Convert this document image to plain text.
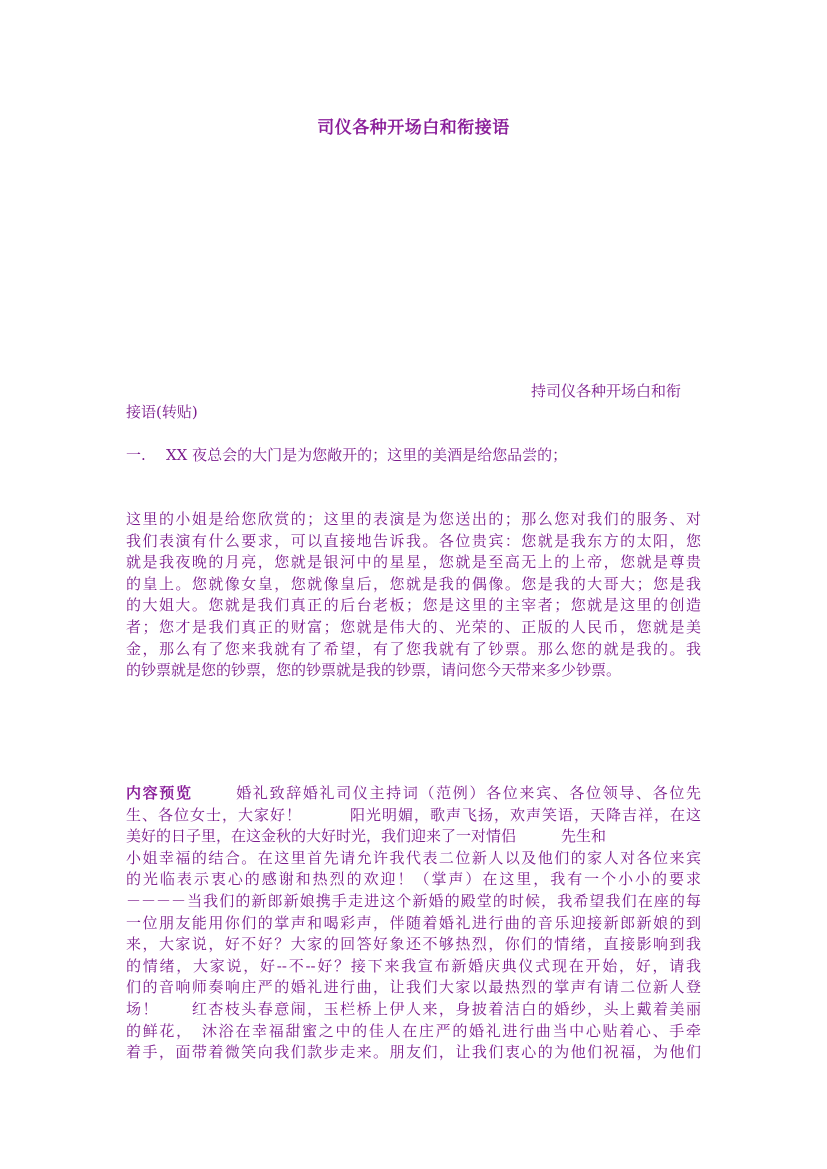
司仪各种开场白和衔接语
持司仪各种开场白和衔
接语(转贴)
一. XX 夜总会的大门是为您敞开的；这里的美酒是给您品尝的；
这里的小姐是给您欣赏的；这里的表演是为您送出的；那么您对我们的服务、对
我们表演有什么要求，可以直接地告诉我。各位贵宾：您就是我东方的太阳，您
就是我夜晚的月亮，您就是银河中的星星，您就是至高无上的上帝，您就是尊贵
的皇上。您就像女皇，您就像皇后，您就是我的偶像。您是我的大哥大；您是我
的大姐大。您就是我们真正的后台老板；您是这里的主宰者；您就是这里的创造
者；您才是我们真正的财富；您就是伟大的、光荣的、正版的人民币，您就是美
金，那么有了您来我就有了希望，有了您我就有了钞票。那么您的就是我的。我
的钞票就是您的钞票，您的钞票就是我的钞票，请问您今天带来多少钞票。
内容预览	婚礼致辞婚礼司仪主持词（范例）各位来宾、各位领导、各位先
生、各位女士，大家好！　　　阳光明媚，歌声飞扬，欢声笑语，天降吉祥，在这
美好的日子里，在这金秋的大好时光，我们迎来了一对情侣　　　先生和
小姐幸福的结合。在这里首先请允许我代表二位新人以及他们的家人对各位来宾
的光临表示衷心的感谢和热烈的欢迎！（掌声）在这里，我有一个小小的要求
－－－－当我们的新郎新娘携手走进这个新婚的殿堂的时候，我希望我们在座的每
一位朋友能用你们的掌声和喝彩声，伴随着婚礼进行曲的音乐迎接新郎新娘的到
来，大家说，好不好？大家的回答好象还不够热烈，你们的情绪，直接影响到我
的情绪，大家说，好--不--好？接下来我宣布新婚庆典仪式现在开始，好，请我
们的音响师奏响庄严的婚礼进行曲，让我们大家以最热烈的掌声有请二位新人登
场！　　红杏枝头春意闹，玉栏桥上伊人来，身披着洁白的婚纱，头上戴着美丽
的鲜花，　沐浴在幸福甜蜜之中的佳人在庄严的婚礼进行曲当中心贴着心、手牵
着手，面带着微笑向我们款步走来。朋友们，让我们衷心的为他们祝福，为他们
